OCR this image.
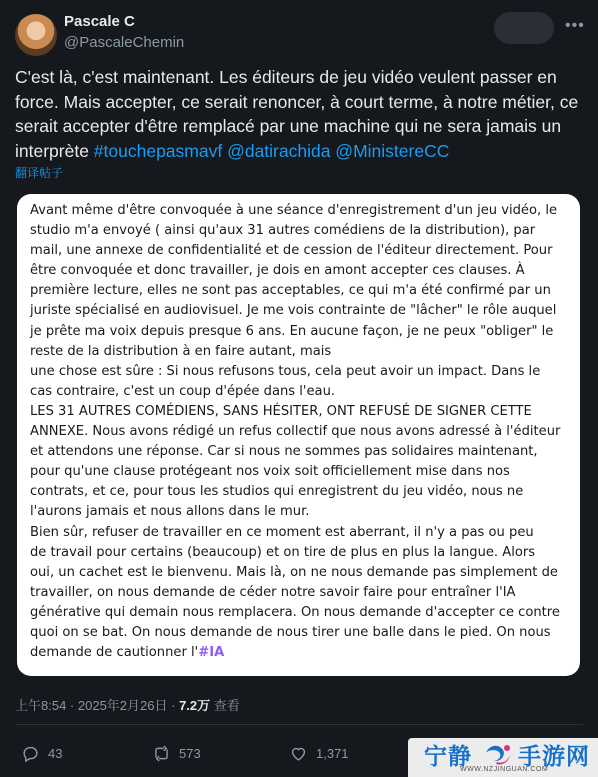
Pascale C
@PascaleChemin
•••
C'est là, c'est maintenant. Les éditeurs de jeu vidéo veulent passer en force. Mais accepter, ce serait renoncer, à court terme, à notre métier, ce serait accepter d'être remplacé par une machine qui ne sera jamais un interprète #touchepasmavf @datirachida @MinistereCC
翻译帖子
Avant même d'être convoquée à une séance d'enregistrement d'un jeu vidéo, le
studio m'a envoyé ( ainsi qu'aux 31 autres comédiens de la distribution), par
mail, une annexe de confidentialité et de cession de l'éditeur directement. Pour
être convoquée et donc travailler, je dois en amont accepter ces clauses. À
première lecture, elles ne sont pas acceptables, ce qui m'a été confirmé par un
juriste spécialisé en audiovisuel. Je me vois contrainte de "lâcher" le rôle auquel
je prête ma voix depuis presque 6 ans. En aucune façon, je ne peux "obliger" le
reste de la distribution à en faire autant, mais
une chose est sûre : Si nous refusons tous, cela peut avoir un impact. Dans le
cas contraire, c'est un coup d'épée dans l'eau.
LES 31 AUTRES COMÉDIENS, SANS HÉSITER, ONT REFUSÉ DE SIGNER CETTE
ANNEXE. Nous avons rédigé un refus collectif que nous avons adressé à l'éditeur
et attendons une réponse. Car si nous ne sommes pas solidaires maintenant,
pour qu'une clause protégeant nos voix soit officiellement mise dans nos
contrats, et ce, pour tous les studios qui enregistrent du jeu vidéo, nous ne
l'aurons jamais et nous allons dans le mur.
Bien sûr, refuser de travailler en ce moment est aberrant, il n'y a pas ou peu
de travail pour certains (beaucoup) et on tire de plus en plus la langue. Alors
oui, un cachet est le bienvenu. Mais là, on ne nous demande pas simplement de
travailler, on nous demande de céder notre savoir faire pour entraîner l'IA
générative qui demain nous remplacera. On nous demande d'accepter ce contre
quoi on se bat. On nous demande de nous tirer une balle dans le pied. On nous
demande de cautionner l'#IA
上午8:54 · 2025年2月26日 · 7.2万 查看
43	573	1,371	宁静 手游网
WWW.NZJINGUAN.COM
